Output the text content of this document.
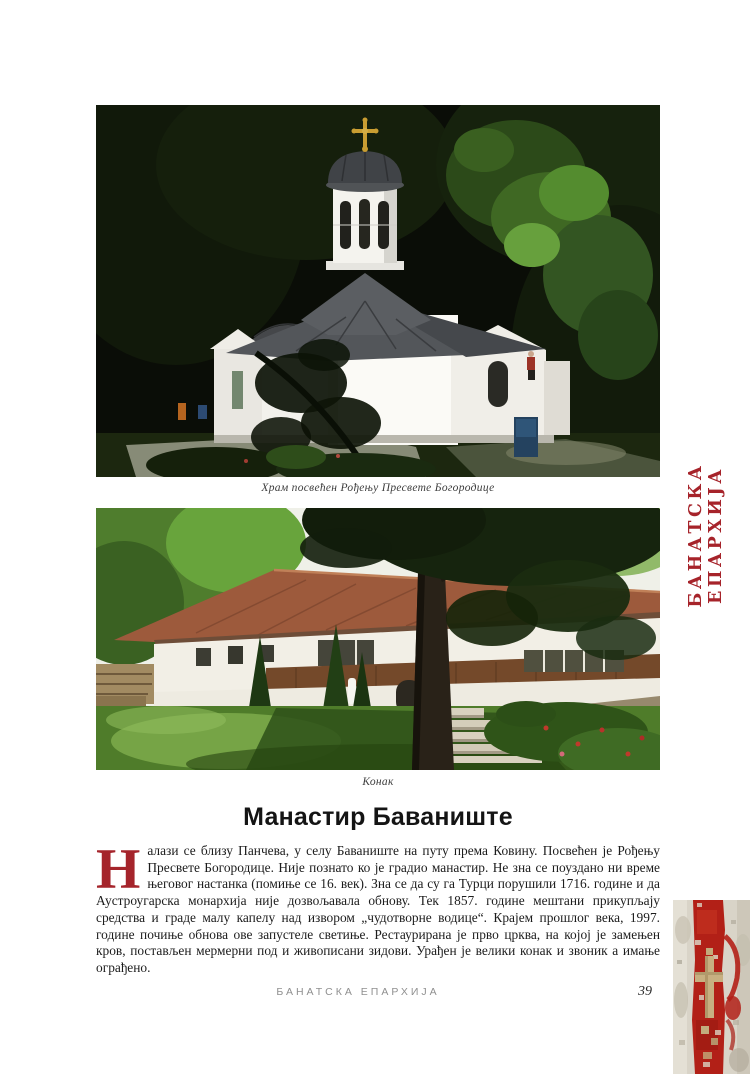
Храм посвећен Рођењу Пресвете Богородице
Конак
Манастир Баваниште
Налази се близу Панчева, у селу Баваниште на путу према Ковину. Посвећен је Рођењу Пресвете Богородице. Није познато ко је градио манастир. Не зна се поуздано ни време његовог настанка (помиње се 16. век). Зна се да су га Турци порушили 1716. године и да Аустроугарска монархија није дозвољавала обнову. Тек 1857. године мештани прикупљају средства и граде малу капелу над извором „чудотворне водице“. Крајем прошлог века, 1997. године почиње обнова ове запустеле светиње. Рестаурирана је прво црква, на којој је замењен кров, постављен мермерни под и живописани зидови. Урађен је велики конак и звоник а имање ограђено.
БАНАТСКА ЕПАРХИЈА	39
БАНАТСКА ЕПАРХИЈА
